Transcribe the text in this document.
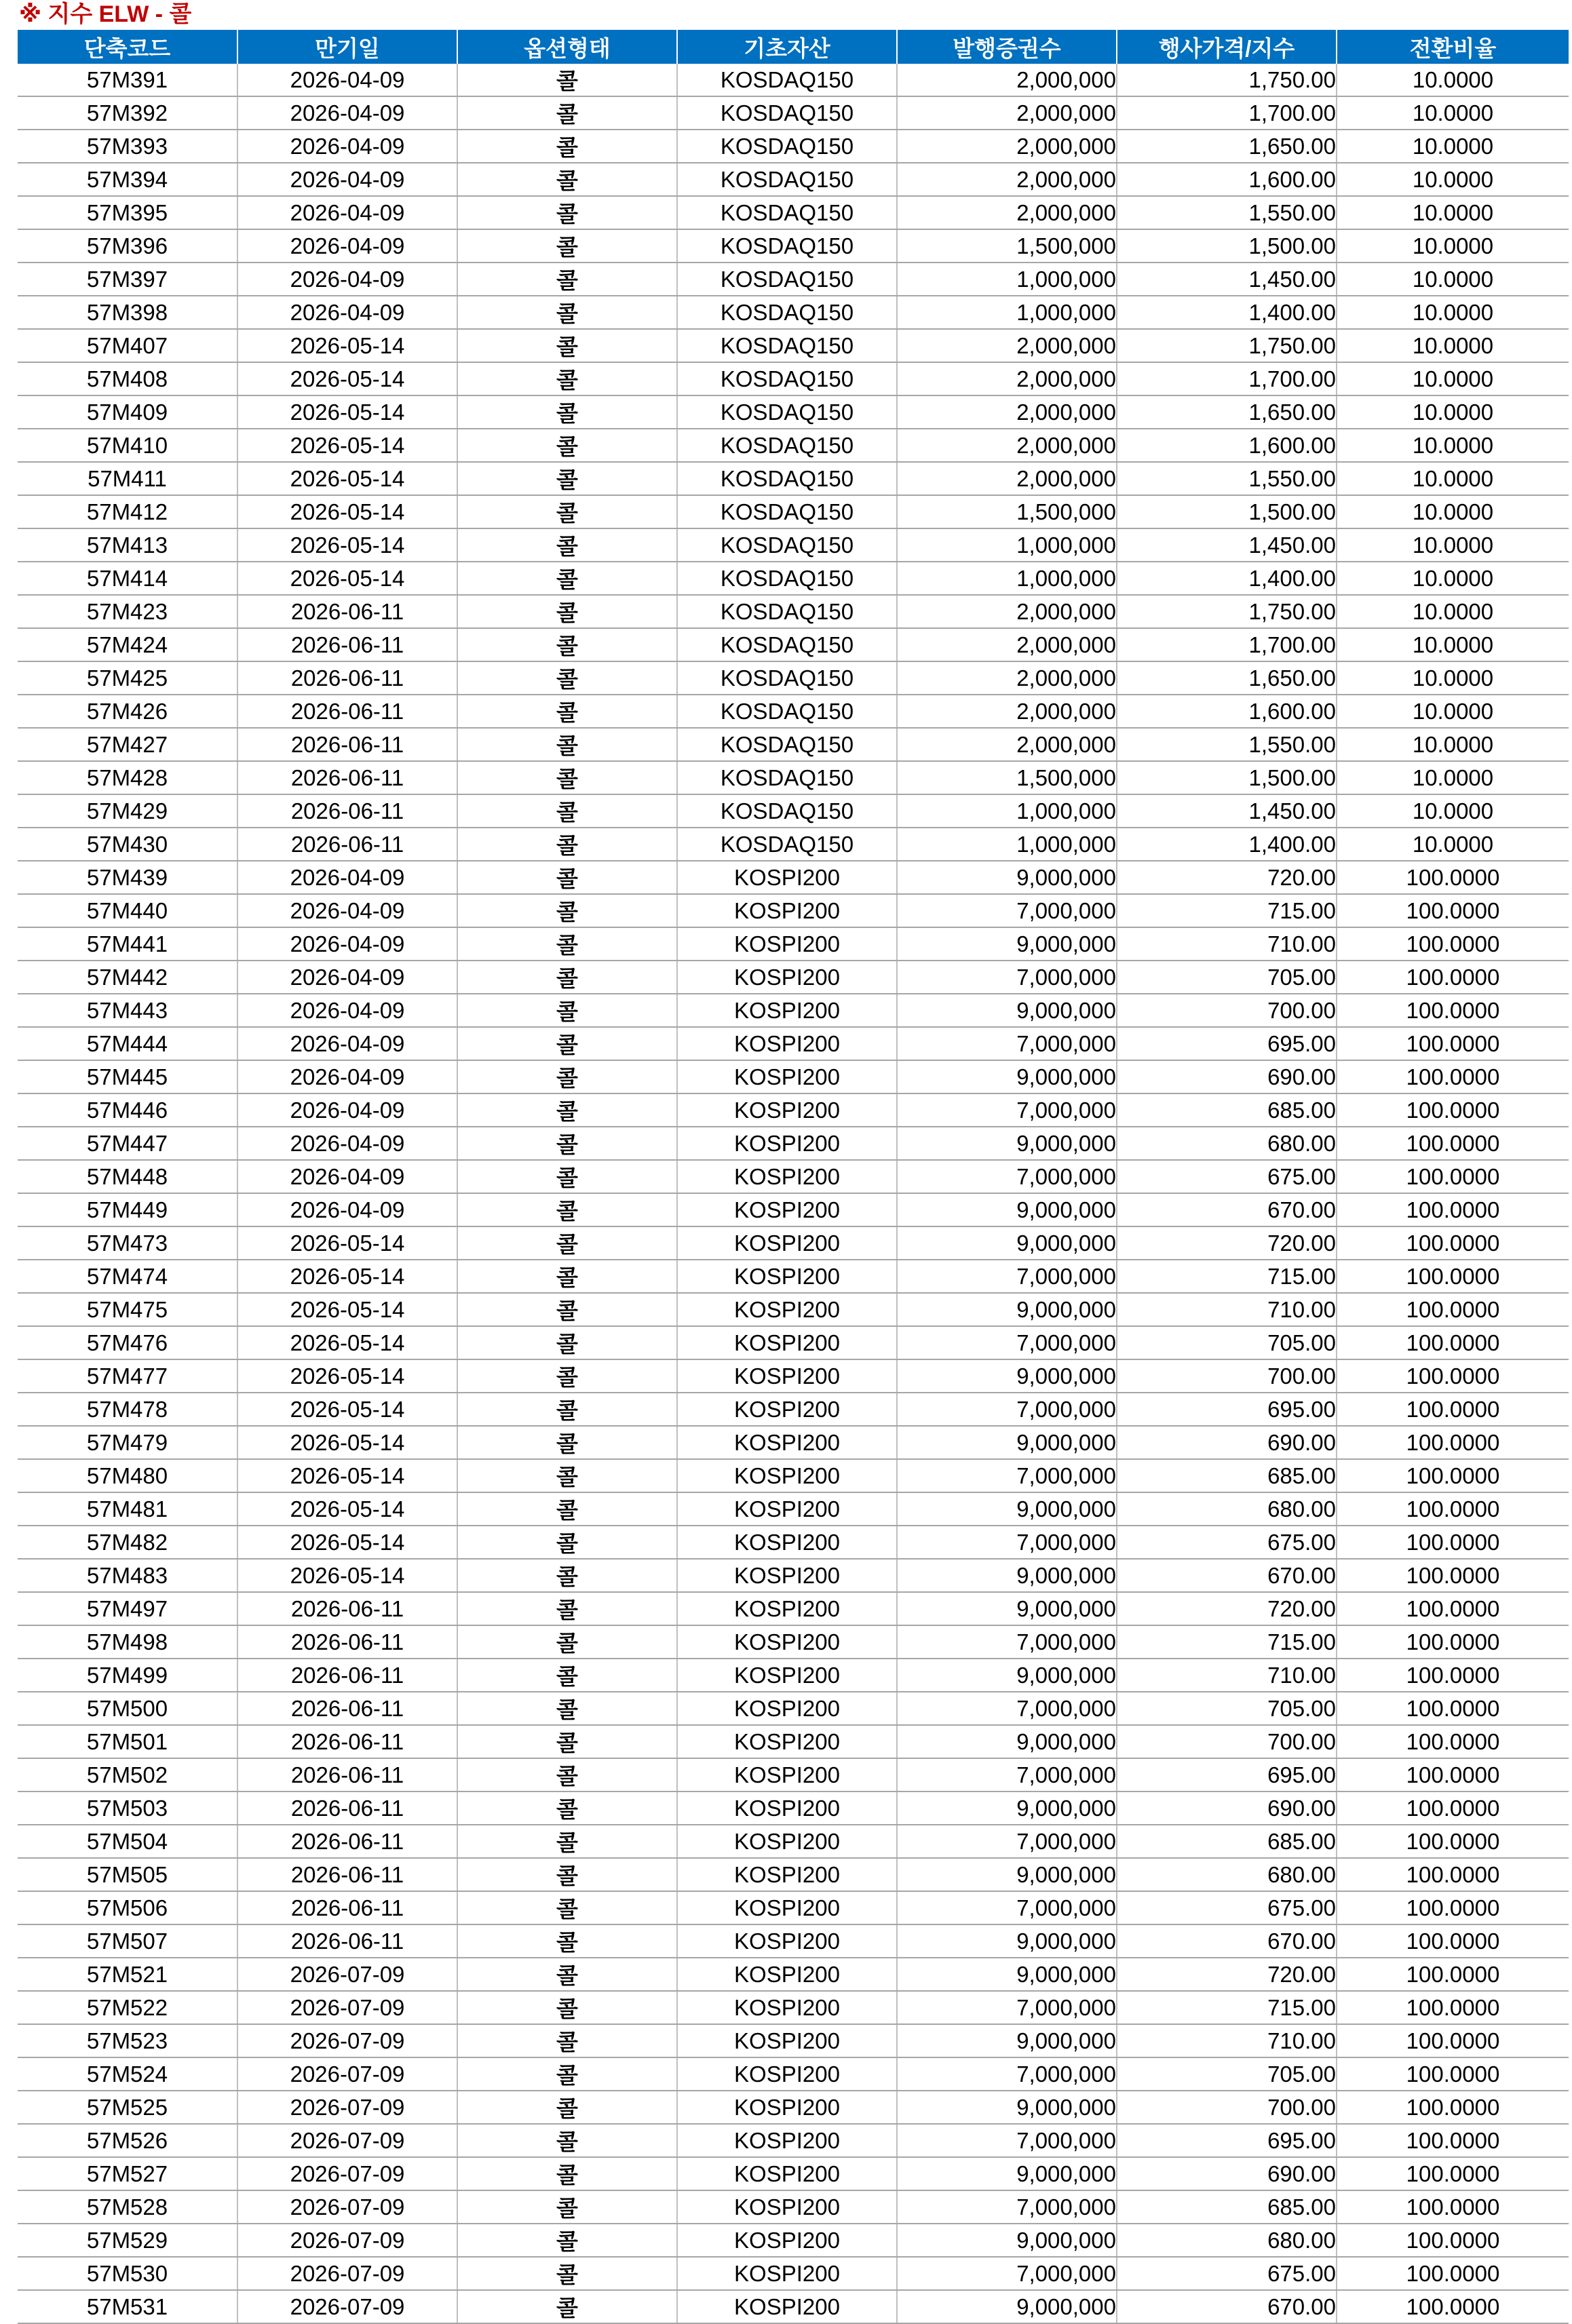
※ 지수 ELW - 콜
단축코드	만기일	옵션형태	기초자산	발행증권수	행사가격/지수	전환비율
57M391	2026-04-09	콜	KOSDAQ150	2,000,000	1,750.00	10.0000
57M392	2026-04-09	콜	KOSDAQ150	2,000,000	1,700.00	10.0000
57M393	2026-04-09	콜	KOSDAQ150	2,000,000	1,650.00	10.0000
57M394	2026-04-09	콜	KOSDAQ150	2,000,000	1,600.00	10.0000
57M395	2026-04-09	콜	KOSDAQ150	2,000,000	1,550.00	10.0000
57M396	2026-04-09	콜	KOSDAQ150	1,500,000	1,500.00	10.0000
57M397	2026-04-09	콜	KOSDAQ150	1,000,000	1,450.00	10.0000
57M398	2026-04-09	콜	KOSDAQ150	1,000,000	1,400.00	10.0000
57M407	2026-05-14	콜	KOSDAQ150	2,000,000	1,750.00	10.0000
57M408	2026-05-14	콜	KOSDAQ150	2,000,000	1,700.00	10.0000
57M409	2026-05-14	콜	KOSDAQ150	2,000,000	1,650.00	10.0000
57M410	2026-05-14	콜	KOSDAQ150	2,000,000	1,600.00	10.0000
57M411	2026-05-14	콜	KOSDAQ150	2,000,000	1,550.00	10.0000
57M412	2026-05-14	콜	KOSDAQ150	1,500,000	1,500.00	10.0000
57M413	2026-05-14	콜	KOSDAQ150	1,000,000	1,450.00	10.0000
57M414	2026-05-14	콜	KOSDAQ150	1,000,000	1,400.00	10.0000
57M423	2026-06-11	콜	KOSDAQ150	2,000,000	1,750.00	10.0000
57M424	2026-06-11	콜	KOSDAQ150	2,000,000	1,700.00	10.0000
57M425	2026-06-11	콜	KOSDAQ150	2,000,000	1,650.00	10.0000
57M426	2026-06-11	콜	KOSDAQ150	2,000,000	1,600.00	10.0000
57M427	2026-06-11	콜	KOSDAQ150	2,000,000	1,550.00	10.0000
57M428	2026-06-11	콜	KOSDAQ150	1,500,000	1,500.00	10.0000
57M429	2026-06-11	콜	KOSDAQ150	1,000,000	1,450.00	10.0000
57M430	2026-06-11	콜	KOSDAQ150	1,000,000	1,400.00	10.0000
57M439	2026-04-09	콜	KOSPI200	9,000,000	720.00	100.0000
57M440	2026-04-09	콜	KOSPI200	7,000,000	715.00	100.0000
57M441	2026-04-09	콜	KOSPI200	9,000,000	710.00	100.0000
57M442	2026-04-09	콜	KOSPI200	7,000,000	705.00	100.0000
57M443	2026-04-09	콜	KOSPI200	9,000,000	700.00	100.0000
57M444	2026-04-09	콜	KOSPI200	7,000,000	695.00	100.0000
57M445	2026-04-09	콜	KOSPI200	9,000,000	690.00	100.0000
57M446	2026-04-09	콜	KOSPI200	7,000,000	685.00	100.0000
57M447	2026-04-09	콜	KOSPI200	9,000,000	680.00	100.0000
57M448	2026-04-09	콜	KOSPI200	7,000,000	675.00	100.0000
57M449	2026-04-09	콜	KOSPI200	9,000,000	670.00	100.0000
57M473	2026-05-14	콜	KOSPI200	9,000,000	720.00	100.0000
57M474	2026-05-14	콜	KOSPI200	7,000,000	715.00	100.0000
57M475	2026-05-14	콜	KOSPI200	9,000,000	710.00	100.0000
57M476	2026-05-14	콜	KOSPI200	7,000,000	705.00	100.0000
57M477	2026-05-14	콜	KOSPI200	9,000,000	700.00	100.0000
57M478	2026-05-14	콜	KOSPI200	7,000,000	695.00	100.0000
57M479	2026-05-14	콜	KOSPI200	9,000,000	690.00	100.0000
57M480	2026-05-14	콜	KOSPI200	7,000,000	685.00	100.0000
57M481	2026-05-14	콜	KOSPI200	9,000,000	680.00	100.0000
57M482	2026-05-14	콜	KOSPI200	7,000,000	675.00	100.0000
57M483	2026-05-14	콜	KOSPI200	9,000,000	670.00	100.0000
57M497	2026-06-11	콜	KOSPI200	9,000,000	720.00	100.0000
57M498	2026-06-11	콜	KOSPI200	7,000,000	715.00	100.0000
57M499	2026-06-11	콜	KOSPI200	9,000,000	710.00	100.0000
57M500	2026-06-11	콜	KOSPI200	7,000,000	705.00	100.0000
57M501	2026-06-11	콜	KOSPI200	9,000,000	700.00	100.0000
57M502	2026-06-11	콜	KOSPI200	7,000,000	695.00	100.0000
57M503	2026-06-11	콜	KOSPI200	9,000,000	690.00	100.0000
57M504	2026-06-11	콜	KOSPI200	7,000,000	685.00	100.0000
57M505	2026-06-11	콜	KOSPI200	9,000,000	680.00	100.0000
57M506	2026-06-11	콜	KOSPI200	7,000,000	675.00	100.0000
57M507	2026-06-11	콜	KOSPI200	9,000,000	670.00	100.0000
57M521	2026-07-09	콜	KOSPI200	9,000,000	720.00	100.0000
57M522	2026-07-09	콜	KOSPI200	7,000,000	715.00	100.0000
57M523	2026-07-09	콜	KOSPI200	9,000,000	710.00	100.0000
57M524	2026-07-09	콜	KOSPI200	7,000,000	705.00	100.0000
57M525	2026-07-09	콜	KOSPI200	9,000,000	700.00	100.0000
57M526	2026-07-09	콜	KOSPI200	7,000,000	695.00	100.0000
57M527	2026-07-09	콜	KOSPI200	9,000,000	690.00	100.0000
57M528	2026-07-09	콜	KOSPI200	7,000,000	685.00	100.0000
57M529	2026-07-09	콜	KOSPI200	9,000,000	680.00	100.0000
57M530	2026-07-09	콜	KOSPI200	7,000,000	675.00	100.0000
57M531	2026-07-09	콜	KOSPI200	9,000,000	670.00	100.0000
